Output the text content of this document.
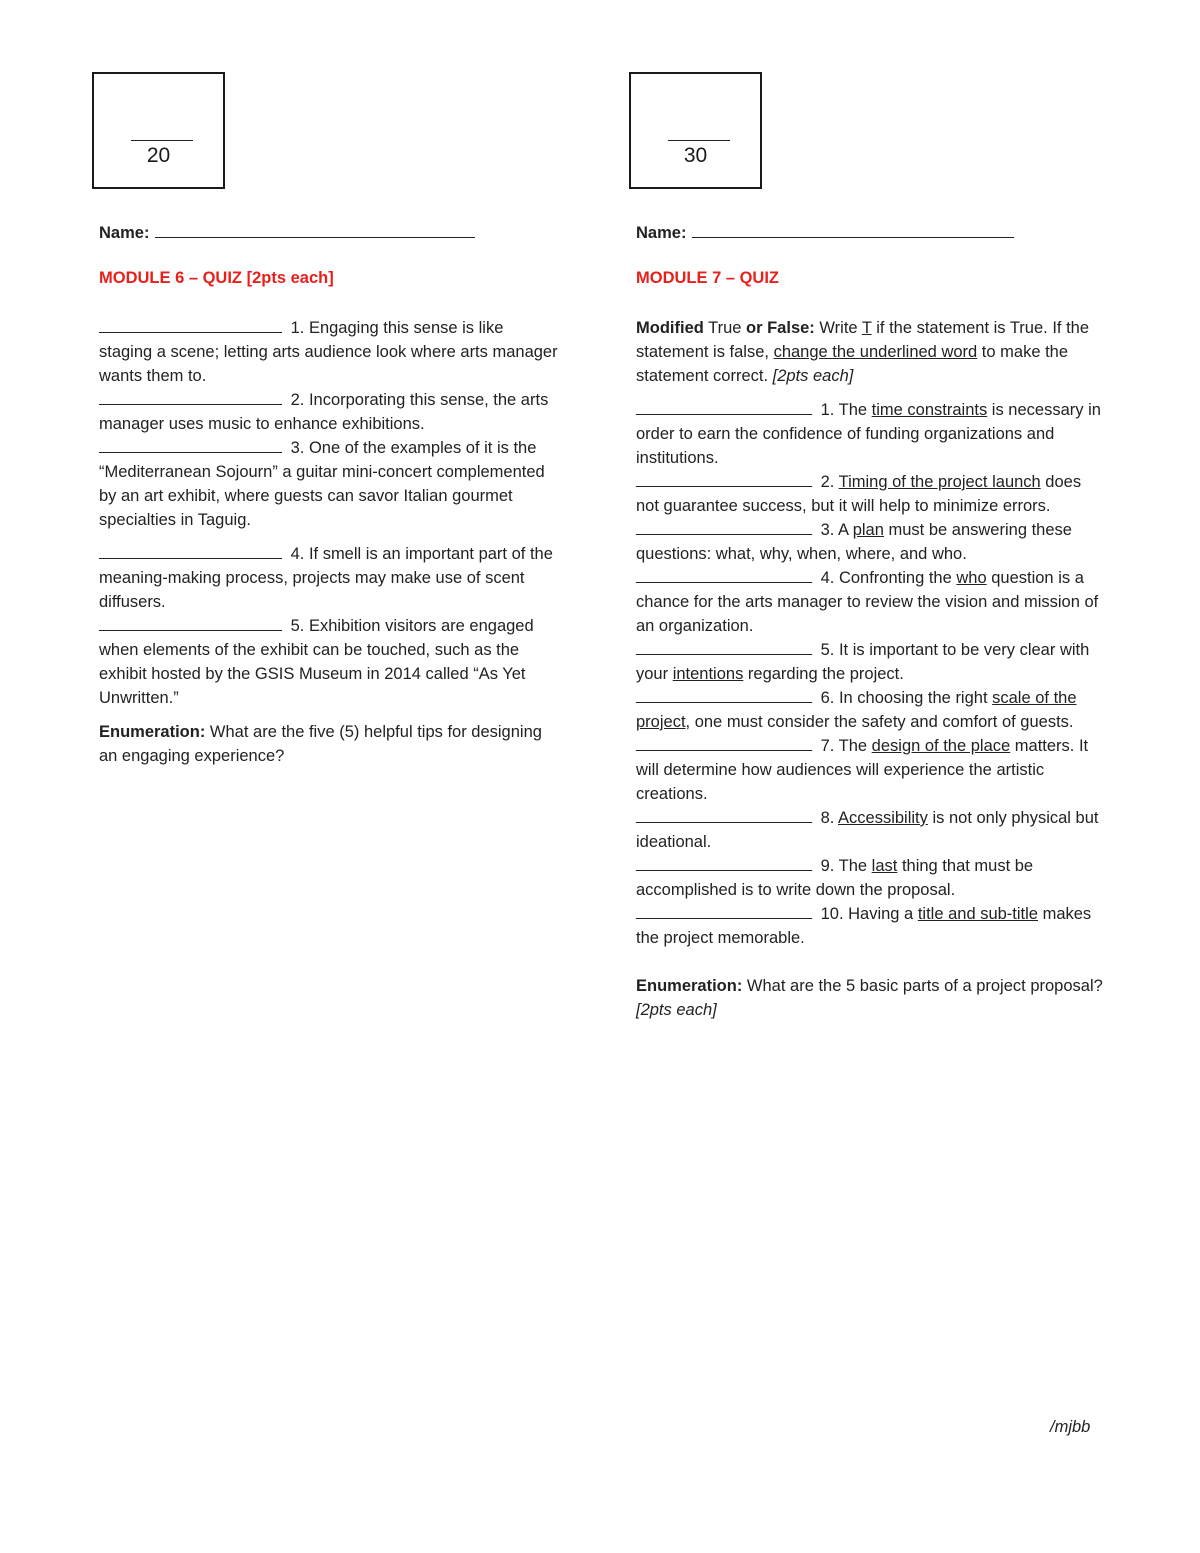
20
Name:
MODULE 6 – QUIZ [2pts each]

1. Engaging this sense is like staging a scene; letting arts audience look where arts manager wants them to.

2. Incorporating this sense, the arts manager uses music to enhance exhibitions.

3. One of the examples of it is the “Mediterranean Sojourn” a guitar mini-concert complemented by an art exhibit, where guests can savor Italian gourmet specialties in Taguig.

4. If smell is an important part of the meaning-making process, projects may make use of scent diffusers.

5. Exhibition visitors are engaged when elements of the exhibit can be touched, such as the exhibit hosted by the GSIS Museum in 2014 called “As Yet Unwritten.”

Enumeration: What are the five (5) helpful tips for designing an engaging experience?

30
Name:
MODULE 7 – QUIZ

Modified True or False: Write T if the statement is True. If the statement is false, change the underlined word to make the statement correct. [2pts each]

1. The time constraints is necessary in order to earn the confidence of funding organizations and institutions.

2. Timing of the project launch does not guarantee success, but it will help to minimize errors.

3. A plan must be answering these questions: what, why, when, where, and who.

4. Confronting the who question is a chance for the arts manager to review the vision and mission of an organization.

5. It is important to be very clear with your intentions regarding the project.

6. In choosing the right scale of the project, one must consider the safety and comfort of guests.

7. The design of the place matters. It will determine how audiences will experience the artistic creations.

8. Accessibility is not only physical but ideational.

9. The last thing that must be accomplished is to write down the proposal.

10. Having a title and sub-title makes the project memorable.

Enumeration: What are the 5 basic parts of a project proposal? [2pts each]

/mjbb
